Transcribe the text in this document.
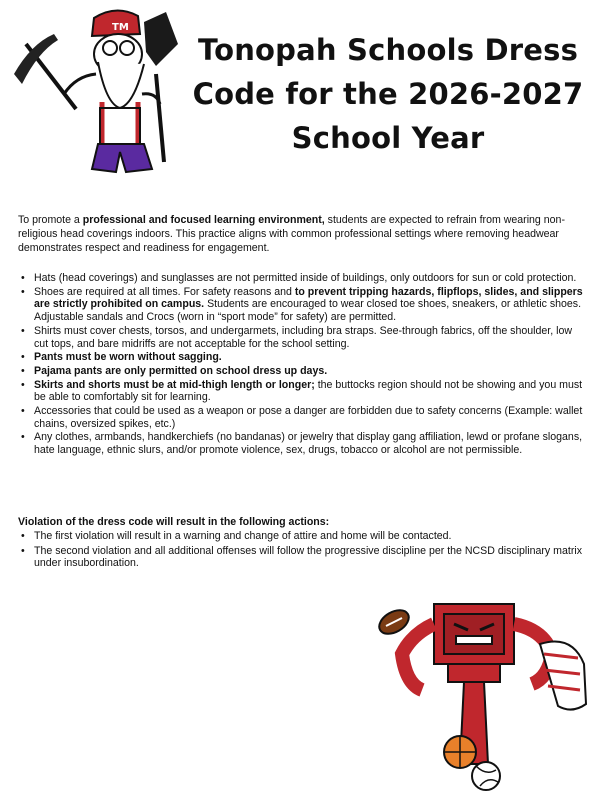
TM
Tonopah Schools Dress
Code for the 2026-2027
School Year

To promote a professional and focused learning environment, students are expected to refrain from wearing non-religious head coverings indoors. This practice aligns with common professional settings where removing headwear demonstrates respect and readiness for engagement.

• Hats (head coverings) and sunglasses are not permitted inside of buildings, only outdoors for sun or cold protection.
• Shoes are required at all times. For safety reasons and to prevent tripping hazards, flipflops, slides, and slippers are strictly prohibited on campus. Students are encouraged to wear closed toe shoes, sneakers, or athletic shoes. Adjustable sandals and Crocs (worn in “sport mode” for safety) are permitted.
• Shirts must cover chests, torsos, and undergarmets, including bra straps. See-through fabrics, off the shoulder, low cut tops, and bare midriffs are not acceptable for the school setting.
• Pants must be worn without sagging.
• Pajama pants are only permitted on school dress up days.
• Skirts and shorts must be at mid-thigh length or longer; the buttocks region should not be showing and you must be able to comfortably sit for learning.
• Accessories that could be used as a weapon or pose a danger are forbidden due to safety concerns (Example: wallet chains, oversized spikes, etc.)
• Any clothes, armbands, handkerchiefs (no bandanas) or jewelry that display gang affiliation, lewd or profane slogans, hate language, ethnic slurs, and/or promote violence, sex, drugs, tobacco or alcohol are not permissible.
Violation of the dress code will result in the following actions:
• The first violation will result in a warning and change of attire and home will be contacted.
• The second violation and all additional offenses will follow the progressive discipline per the NCSD disciplinary matrix under insubordination.
